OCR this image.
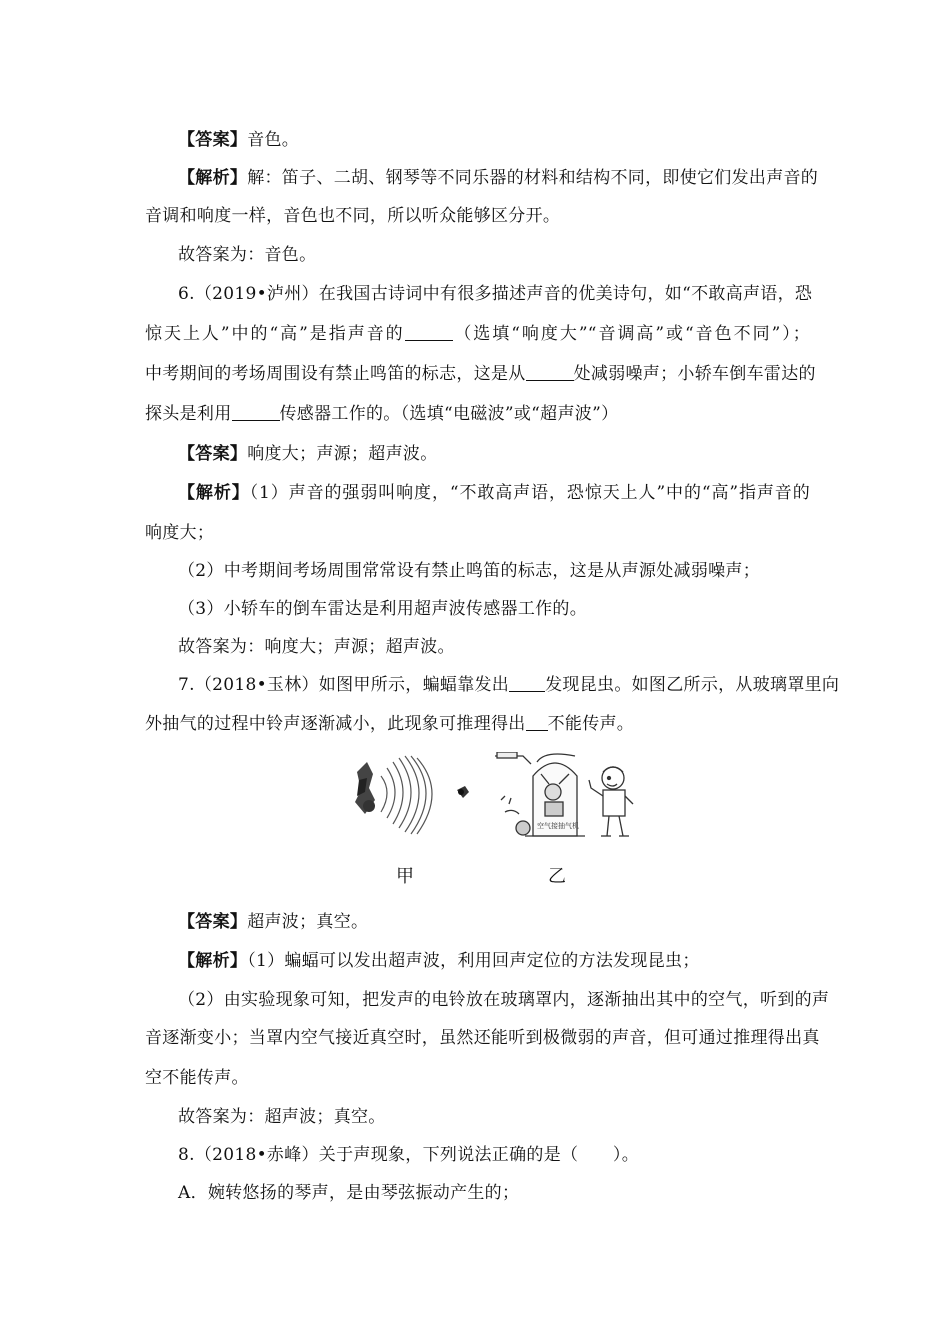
【答案】音色。
【解析】解：笛子、二胡、钢琴等不同乐器的材料和结构不同，即使它们发出声音的
音调和响度一样，音色也不同，所以听众能够区分开。
故答案为：音色。
6.（2019•泸州）在我国古诗词中有很多描述声音的优美诗句，如“不敢高声语，恐
惊天上人”中的“高”是指声音的	（选填“响度大”“音调高”或“音色不同”）；
中考期间的考场周围设有禁止鸣笛的标志，这是从	处减弱噪声；小轿车倒车雷达的
探头是利用	传感器工作的。（选填“电磁波”或“超声波”）
【答案】响度大；声源；超声波。
【解析】（1）声音的强弱叫响度，“不敢高声语，恐惊天上人”中的“高”指声音的
响度大；
（2）中考期间考场周围常常设有禁止鸣笛的标志，这是从声源处减弱噪声；
（3）小轿车的倒车雷达是利用超声波传感器工作的。
故答案为：响度大；声源；超声波。
7.（2018•玉林）如图甲所示，蝙蝠靠发出 发现昆虫。如图乙所示，从玻璃罩里向
外抽气的过程中铃声逐渐减小，此现象可推理得出 不能传声。
空气接抽气机
甲	乙
【答案】超声波；真空。
【解析】（1）蝙蝠可以发出超声波，利用回声定位的方法发现昆虫；
（2）由实验现象可知，把发声的电铃放在玻璃罩内，逐渐抽出其中的空气，听到的声
音逐渐变小；当罩内空气接近真空时，虽然还能听到极微弱的声音，但可通过推理得出真
空不能传声。
故答案为：超声波；真空。
8.（2018•赤峰）关于声现象，下列说法正确的是（　　）。
A．婉转悠扬的琴声，是由琴弦振动产生的；
